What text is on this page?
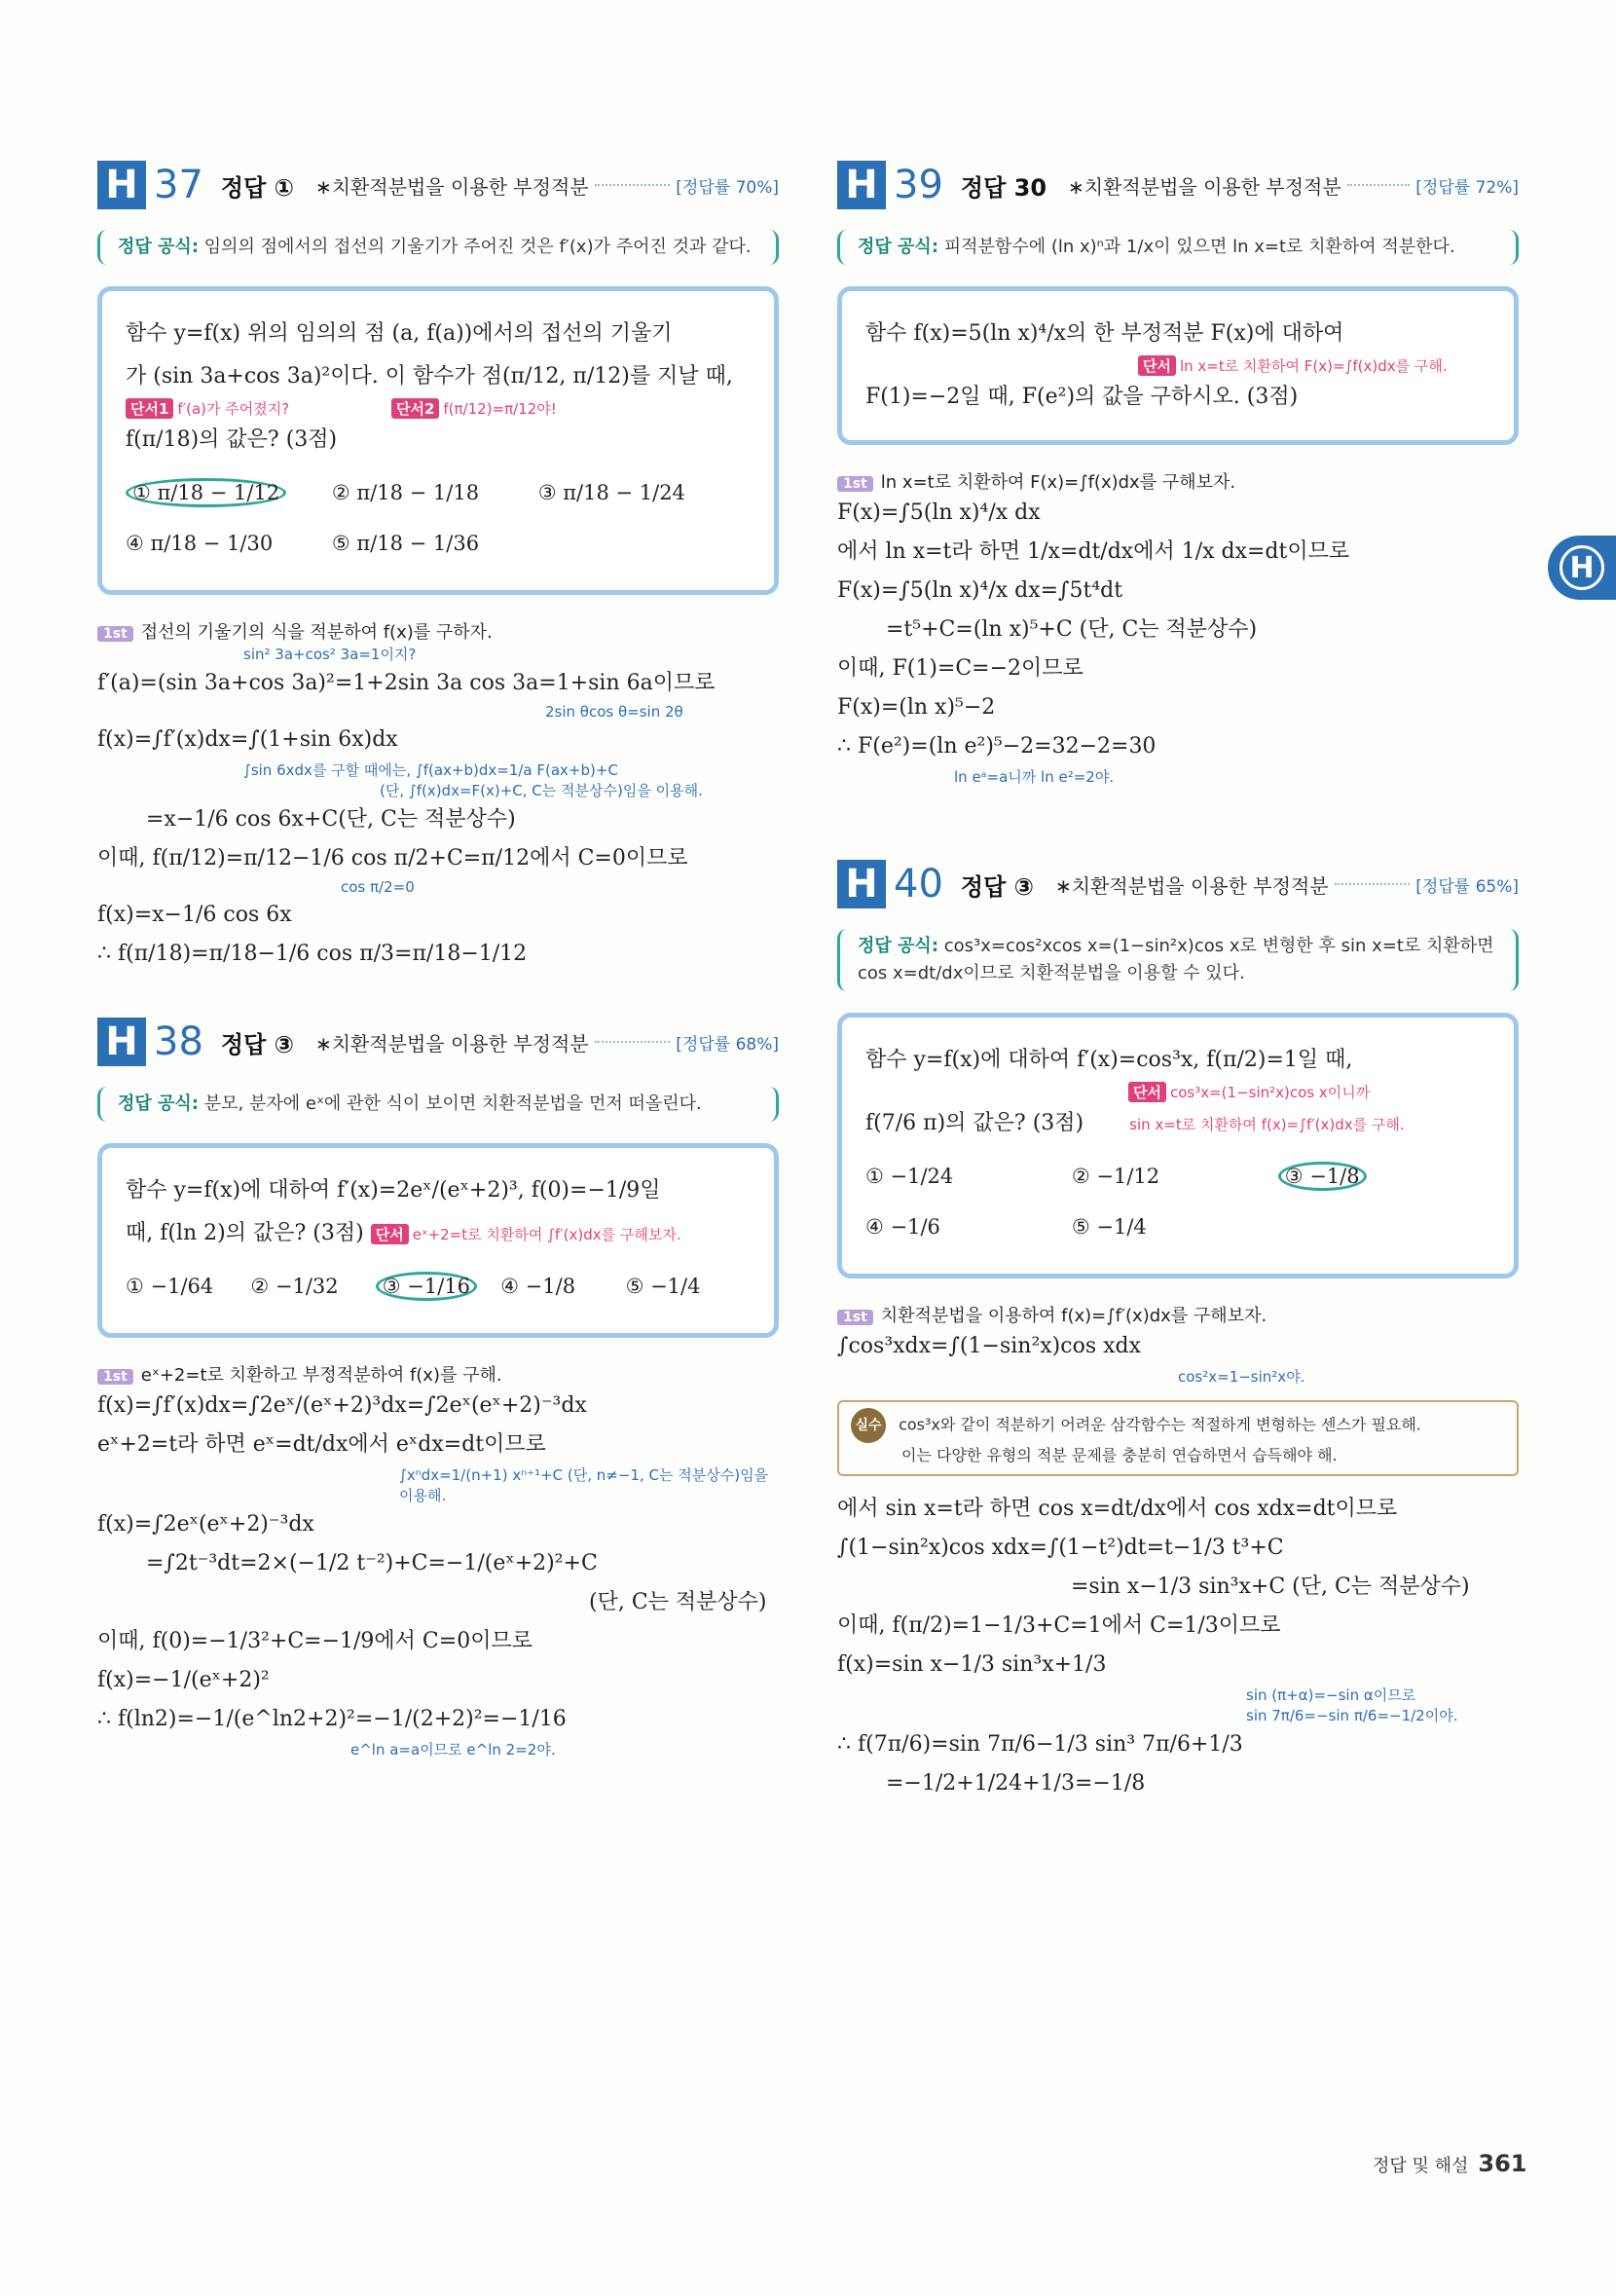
H 37 정답 ① ∗치환적분법을 이용한 부정적분	[정답률 70%]
정답 공식: 임의의 점에서의 접선의 기울기가 주어진 것은 f′(x)가 주어진 것과 같다.
함수 y=f(x) 위의 임의의 점 (a, f(a))에서의 접선의 기울기
가 (sin 3a+cos 3a)²이다. 이 함수가 점(π/12, π/12)를 지날 때,
단서1 f′(a)가 주어졌지?	단서2 f(π/12)=π/12야!
f(π/18)의 값은? (3점)
① π/18 − 1/12	② π/18 − 1/18	③ π/18 − 1/24
④ π/18 − 1/30	⑤ π/18 − 1/36
1st 접선의 기울기의 식을 적분하여 f(x)를 구하자.
sin² 3a+cos² 3a=1이지?
f′(a)=(sin 3a+cos 3a)²=1+2sin 3a cos 3a=1+sin 6a이므로
2sin θcos θ=sin 2θ
f(x)=∫f′(x)dx=∫(1+sin 6x)dx
∫sin 6xdx를 구할 때에는, ∫f(ax+b)dx=1/a F(ax+b)+C
(단, ∫f(x)dx=F(x)+C, C는 적분상수)임을 이용해.
=x−1/6 cos 6x+C(단, C는 적분상수)
이때, f(π/12)=π/12−1/6 cos π/2+C=π/12에서 C=0이므로
cos π/2=0
f(x)=x−1/6 cos 6x
∴ f(π/18)=π/18−1/6 cos π/3=π/18−1/12
H 38 정답 ③ ∗치환적분법을 이용한 부정적분	[정답률 68%]
정답 공식: 분모, 분자에 eˣ에 관한 식이 보이면 치환적분법을 먼저 떠올린다.
함수 y=f(x)에 대하여 f′(x)=2eˣ/(eˣ+2)³, f(0)=−1/9일
때, f(ln 2)의 값은? (3점) 단서 eˣ+2=t로 치환하여 ∫f′(x)dx를 구해보자.
① −1/64	② −1/32	③ −1/16	④ −1/8	⑤ −1/4
1st eˣ+2=t로 치환하고 부정적분하여 f(x)를 구해.
f(x)=∫f′(x)dx=∫2eˣ/(eˣ+2)³dx=∫2eˣ(eˣ+2)⁻³dx
eˣ+2=t라 하면 eˣ=dt/dx에서 eˣdx=dt이므로
∫xⁿdx=1/(n+1) xⁿ⁺¹+C (단, n≠−1, C는 적분상수)임을 이용해.
f(x)=∫2eˣ(eˣ+2)⁻³dx
=∫2t⁻³dt=2×(−1/2 t⁻²)+C=−1/(eˣ+2)²+C
(단, C는 적분상수)
이때, f(0)=−1/3²+C=−1/9에서 C=0이므로
f(x)=−1/(eˣ+2)²
∴ f(ln2)=−1/(e^ln2+2)²=−1/(2+2)²=−1/16
e^ln a=a이므로 e^ln 2=2야.
H 39 정답 30 ∗치환적분법을 이용한 부정적분	[정답률 72%]
정답 공식: 피적분함수에 (ln x)ⁿ과 1/x이 있으면 ln x=t로 치환하여 적분한다.
함수 f(x)=5(ln x)⁴/x의 한 부정적분 F(x)에 대하여
단서 ln x=t로 치환하여 F(x)=∫f(x)dx를 구해.
F(1)=−2일 때, F(e²)의 값을 구하시오. (3점)
1st ln x=t로 치환하여 F(x)=∫f(x)dx를 구해보자.
F(x)=∫5(ln x)⁴/x dx
에서 ln x=t라 하면 1/x=dt/dx에서 1/x dx=dt이므로
F(x)=∫5(ln x)⁴/x dx=∫5t⁴dt
=t⁵+C=(ln x)⁵+C (단, C는 적분상수)
이때, F(1)=C=−2이므로
F(x)=(ln x)⁵−2
∴ F(e²)=(ln e²)⁵−2=32−2=30
ln eᵃ=a니까 ln e²=2야.
H 40 정답 ③ ∗치환적분법을 이용한 부정적분	[정답률 65%]
정답 공식: cos³x=cos²xcos x=(1−sin²x)cos x로 변형한 후 sin x=t로 치환하면 cos x=dt/dx이므로 치환적분법을 이용할 수 있다.
함수 y=f(x)에 대하여 f′(x)=cos³x, f(π/2)=1일 때,
단서 cos³x=(1−sin²x)cos x이니까
f(7/6 π)의 값은? (3점)	sin x=t로 치환하여 f(x)=∫f′(x)dx를 구해.
① −1/24	② −1/12	③ −1/8
④ −1/6	⑤ −1/4
1st 치환적분법을 이용하여 f(x)=∫f′(x)dx를 구해보자.
∫cos³xdx=∫(1−sin²x)cos xdx
cos²x=1−sin²x야.
실수 주의 cos³x와 같이 적분하기 어려운 삼각함수는 적절하게 변형하는 센스가 필요해.
이는 다양한 유형의 적분 문제를 충분히 연습하면서 습득해야 해.
에서 sin x=t라 하면 cos x=dt/dx에서 cos xdx=dt이므로
∫(1−sin²x)cos xdx=∫(1−t²)dt=t−1/3 t³+C
=sin x−1/3 sin³x+C (단, C는 적분상수)
이때, f(π/2)=1−1/3+C=1에서 C=1/3이므로
f(x)=sin x−1/3 sin³x+1/3
sin (π+α)=−sin α이므로
sin 7π/6=−sin π/6=−1/2이야.
∴ f(7π/6)=sin 7π/6−1/3 sin³ 7π/6+1/3
=−1/2+1/24+1/3=−1/8
H
정답 및 해설 361
